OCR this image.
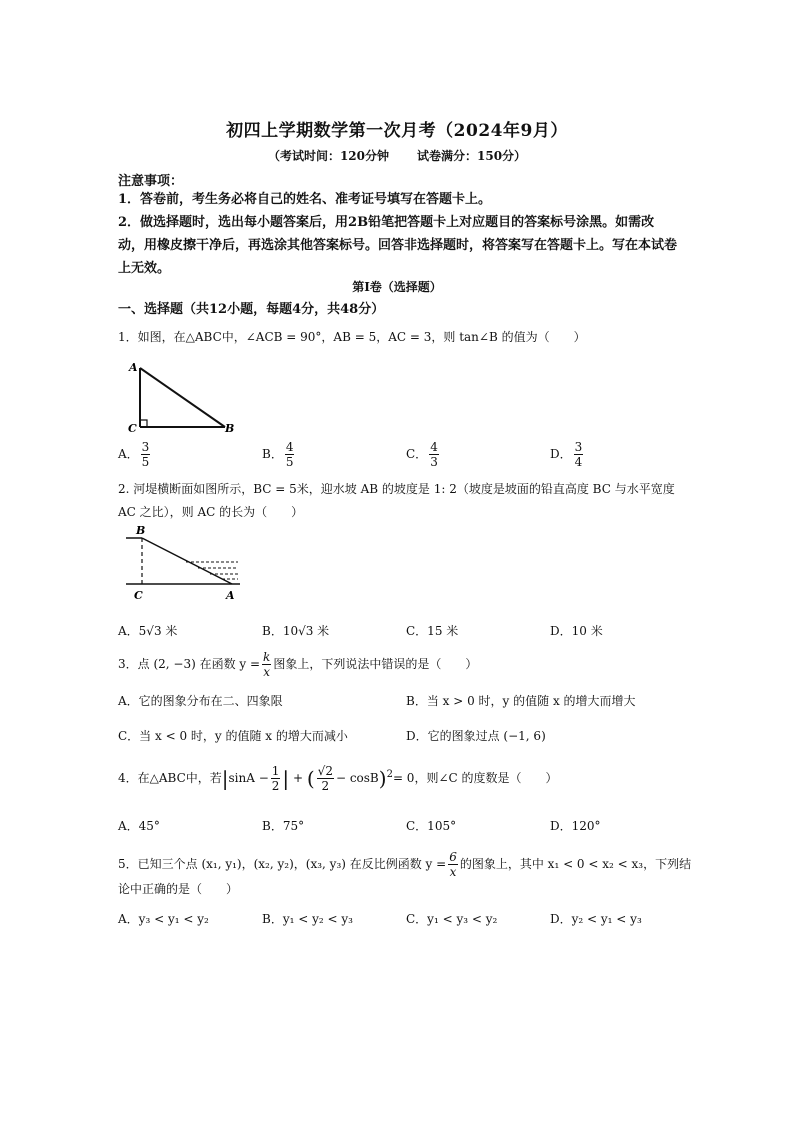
初四上学期数学第一次月考（2024年9月）
（考试时间：120分钟 试卷满分：150分）
注意事项：
1．答卷前，考生务必将自己的姓名、准考证号填写在答题卡上。
2．做选择题时，选出每小题答案后，用2B铅笔把答题卡上对应题目的答案标号涂黑。如需改动，用橡皮擦干净后，再选涂其他答案标号。回答非选择题时，将答案写在答题卡上。写在本试卷上无效。
第Ⅰ卷（选择题）
一、选择题（共12小题，每题4分，共48分）
1．如图，在△ABC中，∠ACB = 90°，AB = 5，AC = 3，则 tan∠B 的值为（　　）
A
C	B
A． $\frac{3}{5}$	B． $\frac{4}{5}$	C． $\frac{4}{3}$	D． $\frac{3}{4}$
2. 河堤横断面如图所示，BC = 5米，迎水坡 AB 的坡度是 1: 2（坡度是坡面的铅直高度 BC 与水平宽度 AC 之比），则 AC 的长为（　　）
B
C	A
A．5√3 米	B．10√3 米	C．15 米	D．10 米
3．点 (2, −3) 在函数 $y = \frac{k}{x}$ 图象上，下列说法中错误的是（　　）
A．它的图象分布在二、四象限	B．当 x > 0 时，y 的值随 x 的增大而增大
C．当 x < 0 时，y 的值随 x 的增大而减小	D．它的图象过点 (−1, 6)
4．在△ABC中，若$|\sin A - \frac{1}{2}$ | + ( $\frac{√2}{2} - \cos B)^2= 0$，则∠C 的度数是（　　）
A．45°	B．75°	C．105°	D．120°
5．已知三个点 (x₁, y₁)，(x₂, y₂)，(x₃, y₃) 在反比例函数 $y = \frac{6}{x}$ 的图象上，其中 x₁ < 0 < x₂ < x₃，下列结
论中正确的是（　　）
A．y₃ < y₁ < y₂	B．y₁ < y₂ < y₃	C．y₁ < y₃ < y₂	D．y₂ < y₁ < y₃
